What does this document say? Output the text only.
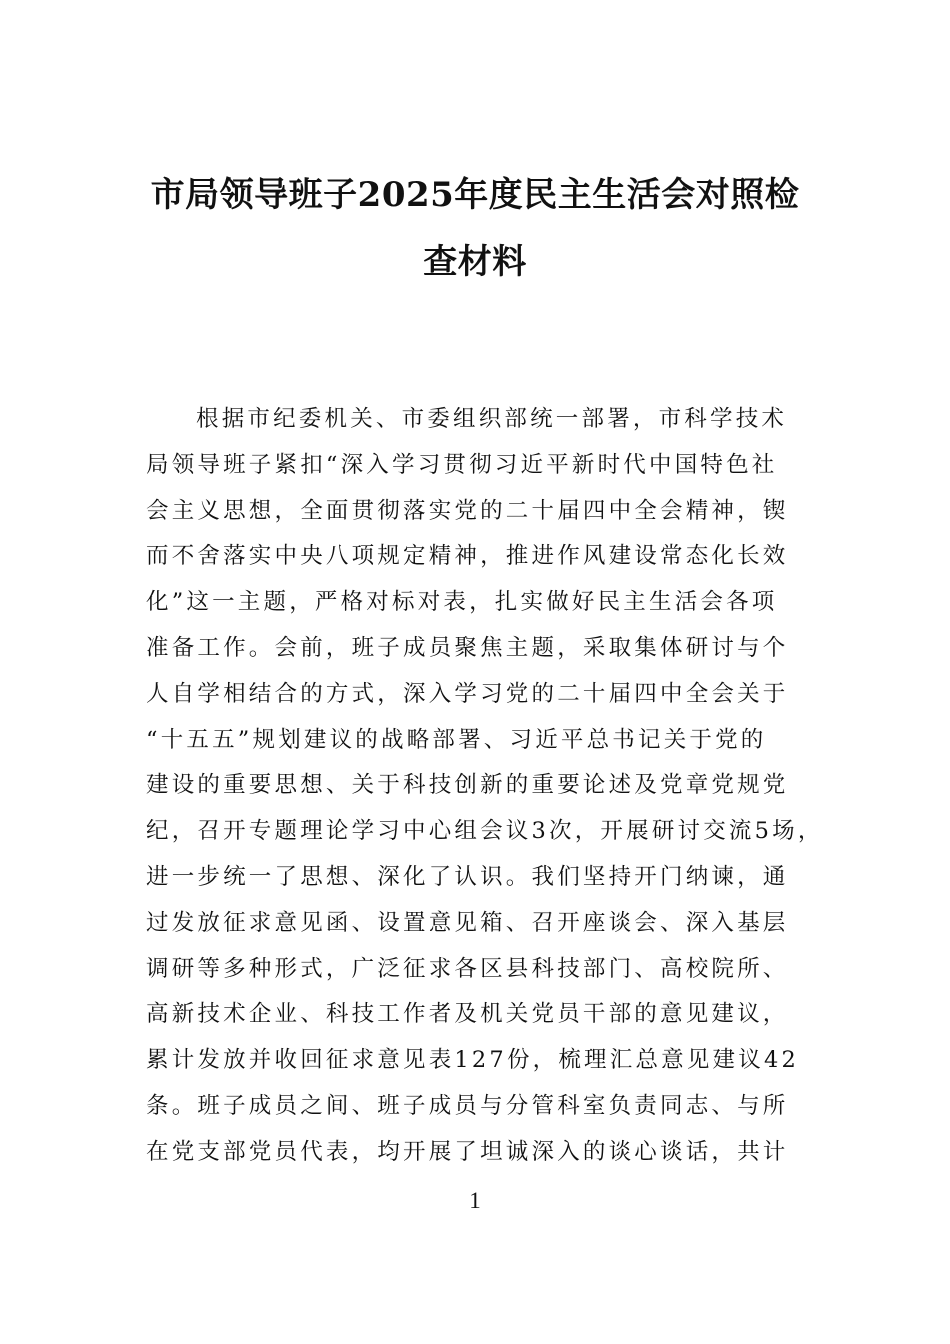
市局领导班子2025年度民主生活会对照检
查材料
根据市纪委机关、市委组织部统一部署，市科学技术
局领导班子紧扣“深入学习贯彻习近平新时代中国特色社
会主义思想，全面贯彻落实党的二十届四中全会精神，锲
而不舍落实中央八项规定精神，推进作风建设常态化长效
化”这一主题，严格对标对表，扎实做好民主生活会各项
准备工作。会前，班子成员聚焦主题，采取集体研讨与个
人自学相结合的方式，深入学习党的二十届四中全会关于
“十五五”规划建议的战略部署、习近平总书记关于党的
建设的重要思想、关于科技创新的重要论述及党章党规党
纪，召开专题理论学习中心组会议3次，开展研讨交流5场，
进一步统一了思想、深化了认识。我们坚持开门纳谏，通
过发放征求意见函、设置意见箱、召开座谈会、深入基层
调研等多种形式，广泛征求各区县科技部门、高校院所、
高新技术企业、科技工作者及机关党员干部的意见建议，
累计发放并收回征求意见表127份，梳理汇总意见建议42
条。班子成员之间、班子成员与分管科室负责同志、与所
在党支部党员代表，均开展了坦诚深入的谈心谈话，共计
1
